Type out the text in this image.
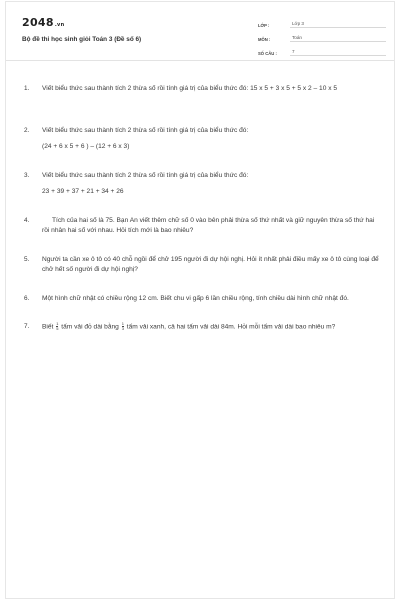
2048.vn
Bộ đề thi học sinh giỏi Toán 3 (Đề số 6)
LỚP :	Lớp 3
MÔN :	Toán
SỐ CÂU :	7
1.	Viết biểu thức sau thành tích 2 thừa số rồi tính giá trị của biểu thức đó: 15 x 5 + 3 x 5 + 5 x 2 – 10 x 5
2.	Viết biểu thức sau thành tích 2 thừa số rồi tính giá trị của biểu thức đó:
(24 + 6 x 5 + 6 ) – (12 + 6 x 3)
3.	Viết biểu thức sau thành tích 2 thừa số rồi tính giá trị của biểu thức đó:
23 + 39 + 37 + 21 + 34 + 26
4.	Tích của hai số là 75. Bạn An viết thêm chữ số 0 vào bên phải thừa số thứ nhất và giữ nguyên thừa số thứ hai rồi nhân hai số với nhau. Hỏi tích mới là bao nhiêu?
5.	Người ta cần xe ô tô có 40 chỗ ngồi để chở 195 người đi dự hội nghị. Hỏi ít nhất phải điều mấy xe ô tô cùng loại để chở hết số người đi dự hội nghị?
6.	Một hình chữ nhật có chiều rộng 12 cm. Biết chu vi gấp 6 lần chiều rộng, tính chiều dài hình chữ nhật đó.
7.	Biết $\frac{1}{5}$ tấm vải đỏ dài bằng $\frac{1}{3}$ tấm vải xanh, cả hai tấm vải dài 84m. Hỏi mỗi tấm vải dài bao nhiêu m?
